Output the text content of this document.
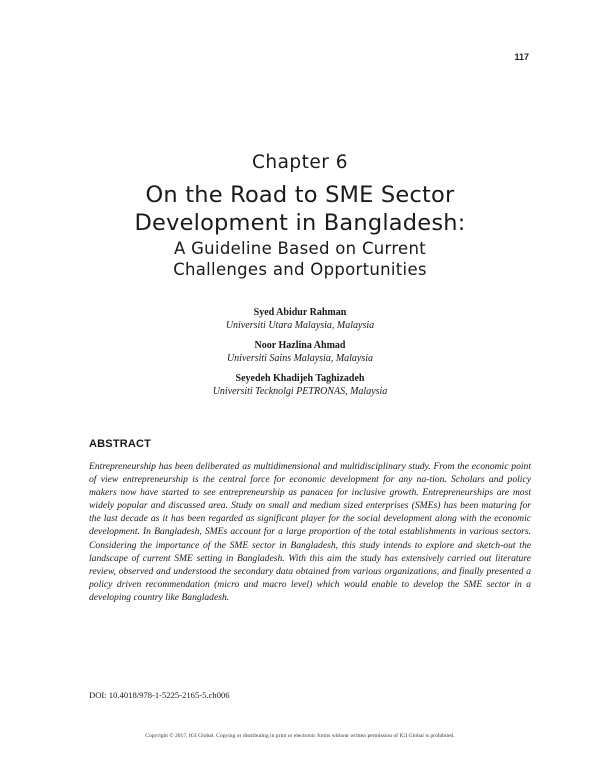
117
Chapter 6
On the Road to SME Sector
Development in Bangladesh:
A Guideline Based on Current
Challenges and Opportunities
Syed Abidur Rahman
Universiti Utara Malaysia, Malaysia
Noor Hazlina Ahmad
Universiti Sains Malaysia, Malaysia
Seyedeh Khadijeh Taghizadeh
Universiti Tecknolgi PETRONAS, Malaysia
ABSTRACT

Entrepreneurship has been deliberated as multidimensional and multidisciplinary study. From the economic point of view entrepreneurship is the central force for economic development for any na-tion. Scholars and policy makers now have started to see entrepreneurship as panacea for inclusive growth. Entrepreneurships are most widely popular and discussed area. Study on small and medium sized enterprises (SMEs) has been maturing for the last decade as it has been regarded as significant player for the social development along with the economic development. In Bangladesh, SMEs account for a large proportion of the total establishments in various sectors. Considering the importance of the SME sector in Bangladesh, this study intends to explore and sketch-out the landscape of current SME setting in Bangladesh. With this aim the study has extensively carried out literature review, observed and understood the secondary data obtained from various organizations, and finally presented a policy driven recommendation (micro and macro level) which would enable to develop the SME sector in a developing country like Bangladesh.

DOI: 10.4018/978-1-5225-2165-5.ch006
Copyright © 2017, IGI Global. Copying or distributing in print or electronic forms without written permission of IGI Global is prohibited.
